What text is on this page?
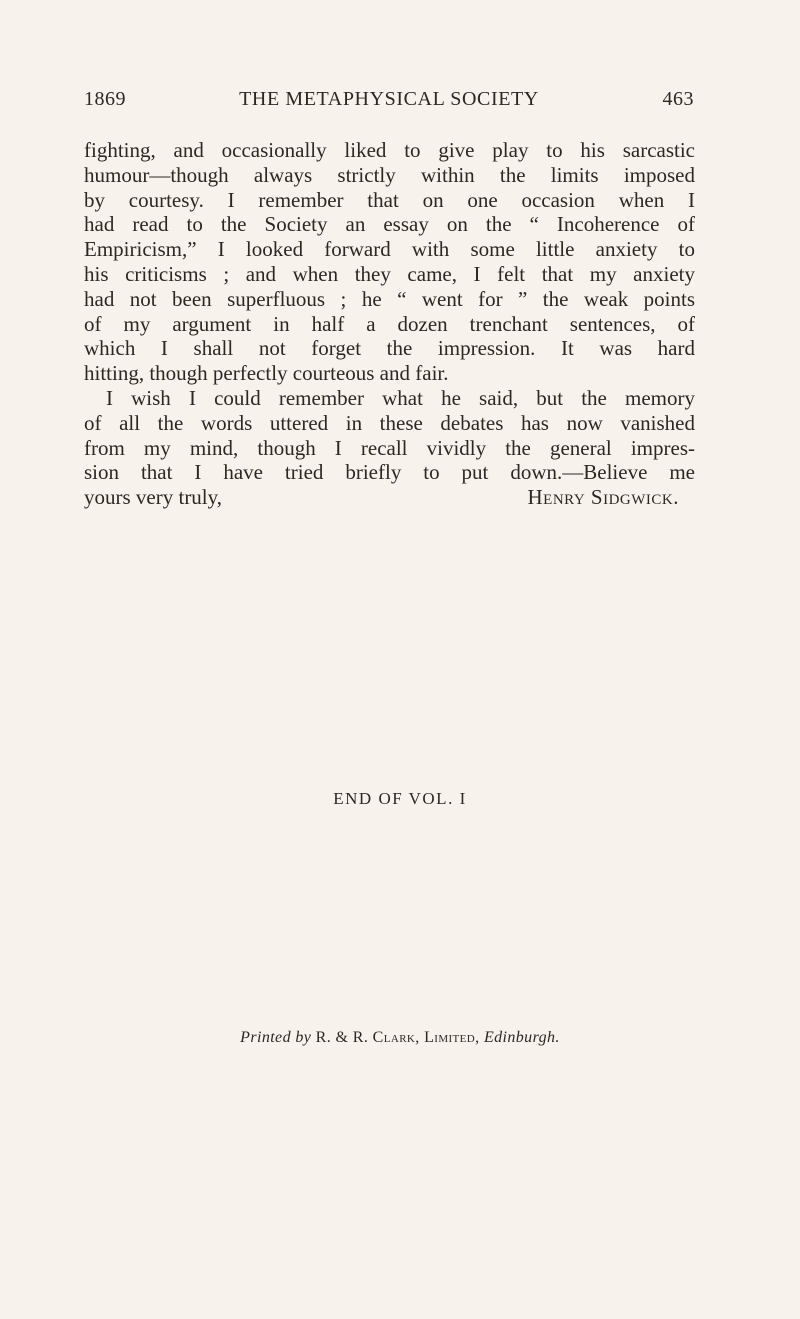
1869	THE METAPHYSICAL SOCIETY	463
fighting, and occasionally liked to give play to his sarcastic
humour—though always strictly within the limits imposed
by courtesy. I remember that on one occasion when I
had read to the Society an essay on the “ Incoherence of
Empiricism,” I looked forward with some little anxiety to
his criticisms ; and when they came, I felt that my anxiety
had not been superfluous ; he “ went for ” the weak points
of my argument in half a dozen trenchant sentences, of
which I shall not forget the impression. It was hard
hitting, though perfectly courteous and fair.
I wish I could remember what he said, but the memory
of all the words uttered in these debates has now vanished
from my mind, though I recall vividly the general impres-
sion that I have tried briefly to put down.—Believe me
yours very truly,	Henry Sidgwick.
END OF VOL. I
Printed by R. & R. Clark, Limited, Edinburgh.
